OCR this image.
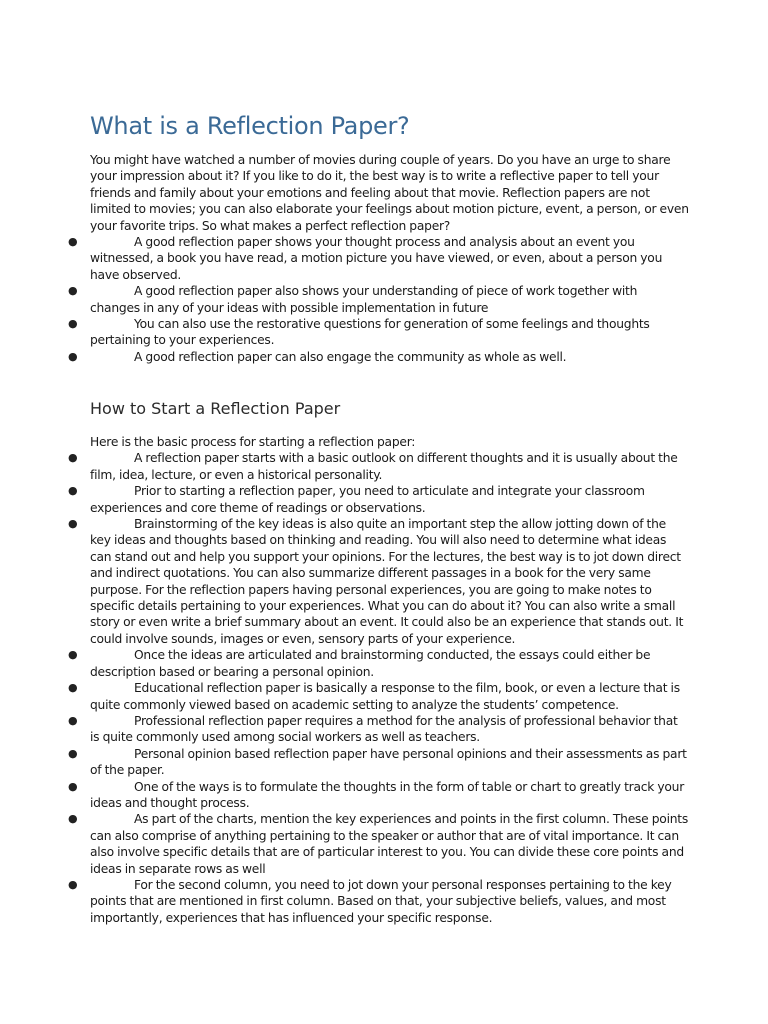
What is a Reflection Paper?

You might have watched a number of movies during couple of years. Do you have an urge to share your impression about it? If you like to do it, the best way is to write a reflective paper to tell your friends and family about your emotions and feeling about that movie. Reflection papers are not limited to movies; you can also elaborate your feelings about motion picture, event, a person, or even your favorite trips. So what makes a perfect reflection paper?

●	A good reflection paper shows your thought process and analysis about an event you witnessed, a book you have read, a motion picture you have viewed, or even, about a person you have observed.
●	A good reflection paper also shows your understanding of piece of work together with changes in any of your ideas with possible implementation in future
●	You can also use the restorative questions for generation of some feelings and thoughts pertaining to your experiences.
●	A good reflection paper can also engage the community as whole as well.
How to Start a Reflection Paper

Here is the basic process for starting a reflection paper:

●	A reflection paper starts with a basic outlook on different thoughts and it is usually about the film, idea, lecture, or even a historical personality.
●	Prior to starting a reflection paper, you need to articulate and integrate your classroom experiences and core theme of readings or observations.
●	Brainstorming of the key ideas is also quite an important step the allow jotting down of the key ideas and thoughts based on thinking and reading. You will also need to determine what ideas can stand out and help you support your opinions. For the lectures, the best way is to jot down direct and indirect quotations. You can also summarize different passages in a book for the very same purpose. For the reflection papers having personal experiences, you are going to make notes to specific details pertaining to your experiences. What you can do about it? You can also write a small story or even write a brief summary about an event. It could also be an experience that stands out. It could involve sounds, images or even, sensory parts of your experience.
●	Once the ideas are articulated and brainstorming conducted, the essays could either be description based or bearing a personal opinion.
●	Educational reflection paper is basically a response to the film, book, or even a lecture that is quite commonly viewed based on academic setting to analyze the students’ competence.
●	Professional reflection paper requires a method for the analysis of professional behavior that is quite commonly used among social workers as well as teachers.
●	Personal opinion based reflection paper have personal opinions and their assessments as part of the paper.
●	One of the ways is to formulate the thoughts in the form of table or chart to greatly track your ideas and thought process.
●	As part of the charts, mention the key experiences and points in the first column. These points can also comprise of anything pertaining to the speaker or author that are of vital importance. It can also involve specific details that are of particular interest to you. You can divide these core points and ideas in separate rows as well
●	For the second column, you need to jot down your personal responses pertaining to the key points that are mentioned in first column. Based on that, your subjective beliefs, values, and most importantly, experiences that has influenced your specific response.
